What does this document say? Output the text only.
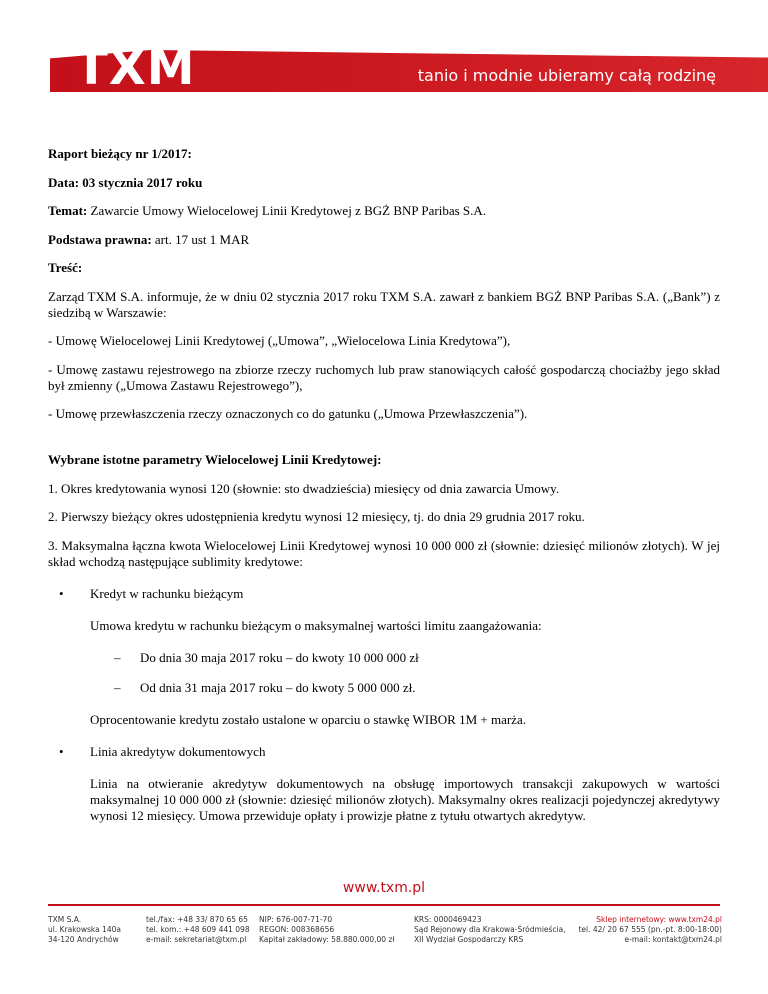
TXM	tanio i modnie ubieramy całą rodzinę

Raport bieżący nr 1/2017:

Data: 03 stycznia 2017 roku

Temat: Zawarcie Umowy Wielocelowej Linii Kredytowej z BGŻ BNP Paribas S.A.

Podstawa prawna: art. 17 ust 1 MAR

Treść:

Zarząd TXM S.A. informuje, że w dniu 02 stycznia 2017 roku TXM S.A. zawarł z bankiem BGŻ BNP Paribas S.A. („Bank”) z siedzibą w Warszawie:

- Umowę Wielocelowej Linii Kredytowej („Umowa”, „Wielocelowa Linia Kredytowa”),

- Umowę zastawu rejestrowego na zbiorze rzeczy ruchomych lub praw stanowiących całość gospodarczą chociażby jego skład był zmienny („Umowa Zastawu Rejestrowego”),

- Umowę przewłaszczenia rzeczy oznaczonych co do gatunku („Umowa Przewłaszczenia”).

Wybrane istotne parametry Wielocelowej Linii Kredytowej:

1. Okres kredytowania wynosi 120 (słownie: sto dwadzieścia) miesięcy od dnia zawarcia Umowy.

2. Pierwszy bieżący okres udostępnienia kredytu wynosi 12 miesięcy, tj. do dnia 29 grudnia 2017 roku.

3. Maksymalna łączna kwota Wielocelowej Linii Kredytowej wynosi 10 000 000 zł (słownie: dziesięć milionów złotych). W jej skład wchodzą następujące sublimity kredytowe:

• Kredyt w rachunku bieżącym

Umowa kredytu w rachunku bieżącym o maksymalnej wartości limitu zaangażowania:

– Do dnia 30 maja 2017 roku – do kwoty 10 000 000 zł
– Od dnia 31 maja 2017 roku – do kwoty 5 000 000 zł.

Oprocentowanie kredytu zostało ustalone w oparciu o stawkę WIBOR 1M + marża.

• Linia akredytyw dokumentowych

Linia na otwieranie akredytyw dokumentowych na obsługę importowych transakcji zakupowych w wartości maksymalnej 10 000 000 zł (słownie: dziesięć milionów złotych). Maksymalny okres realizacji pojedynczej akredytywy wynosi 12 miesięcy. Umowa przewiduje opłaty i prowizje płatne z tytułu otwartych akredytyw.

www.txm.pl
TXM S.A.
ul. Krakowska 140a
34-120 Andrychów
tel./fax: +48 33/ 870 65 65
tel. kom.: +48 609 441 098
e-mail: sekretariat@txm.pl
NIP: 676-007-71-70
REGON: 008368656
Kapitał zakładowy: 58.880.000,00 zł
KRS: 0000469423
Sąd Rejonowy dla Krakowa-Śródmieścia,
XII Wydział Gospodarczy KRS
Sklep internetowy: www.txm24.pl
tel. 42/ 20 67 555 (pn.-pt. 8:00-18:00)
e-mail: kontakt@txm24.pl
